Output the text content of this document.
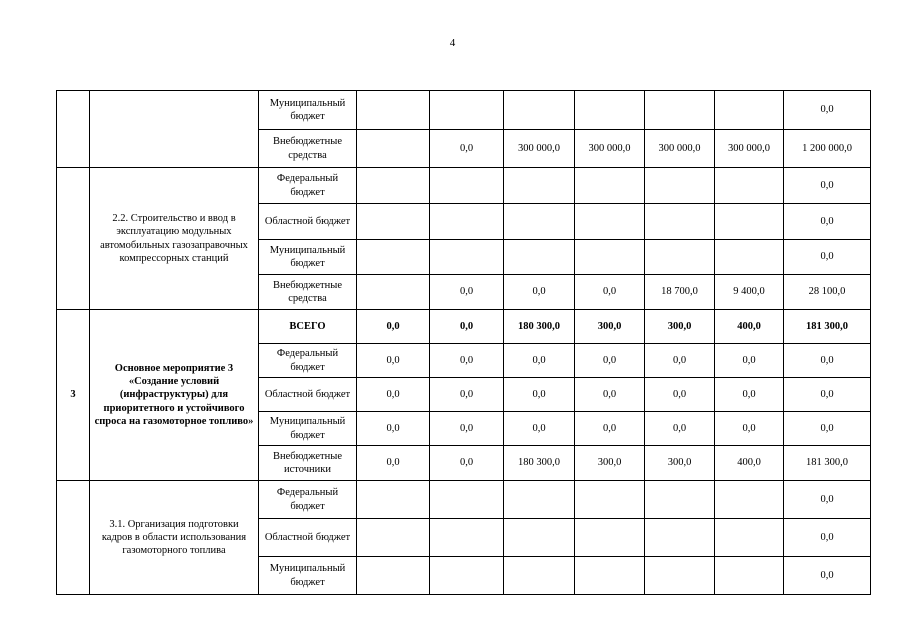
4
		Муниципальный бюджет							0,0
		Внебюджетные средства		0,0	300 000,0	300 000,0	300 000,0	300 000,0	1 200 000,0
	2.2. Строительство и ввод в эксплуатацию модульных автомобильных газозаправочных компрессорных станций	Федеральный бюджет							0,0
		Областной бюджет							0,0
		Муниципальный бюджет							0,0
		Внебюджетные средства		0,0	0,0	0,0	18 700,0	9 400,0	28 100,0
3	Основное мероприятие 3 «Создание условий (инфраструктуры) для приоритетного и устойчивого спроса на газомоторное топливо»	ВСЕГО	0,0	0,0	180 300,0	300,0	300,0	400,0	181 300,0
		Федеральный бюджет	0,0	0,0	0,0	0,0	0,0	0,0	0,0
		Областной бюджет	0,0	0,0	0,0	0,0	0,0	0,0	0,0
		Муниципальный бюджет	0,0	0,0	0,0	0,0	0,0	0,0	0,0
		Внебюджетные источники	0,0	0,0	180 300,0	300,0	300,0	400,0	181 300,0
	3.1. Организация подготовки кадров в области использования газомоторного топлива	Федеральный бюджет							0,0
		Областной бюджет							0,0
		Муниципальный бюджет							0,0
